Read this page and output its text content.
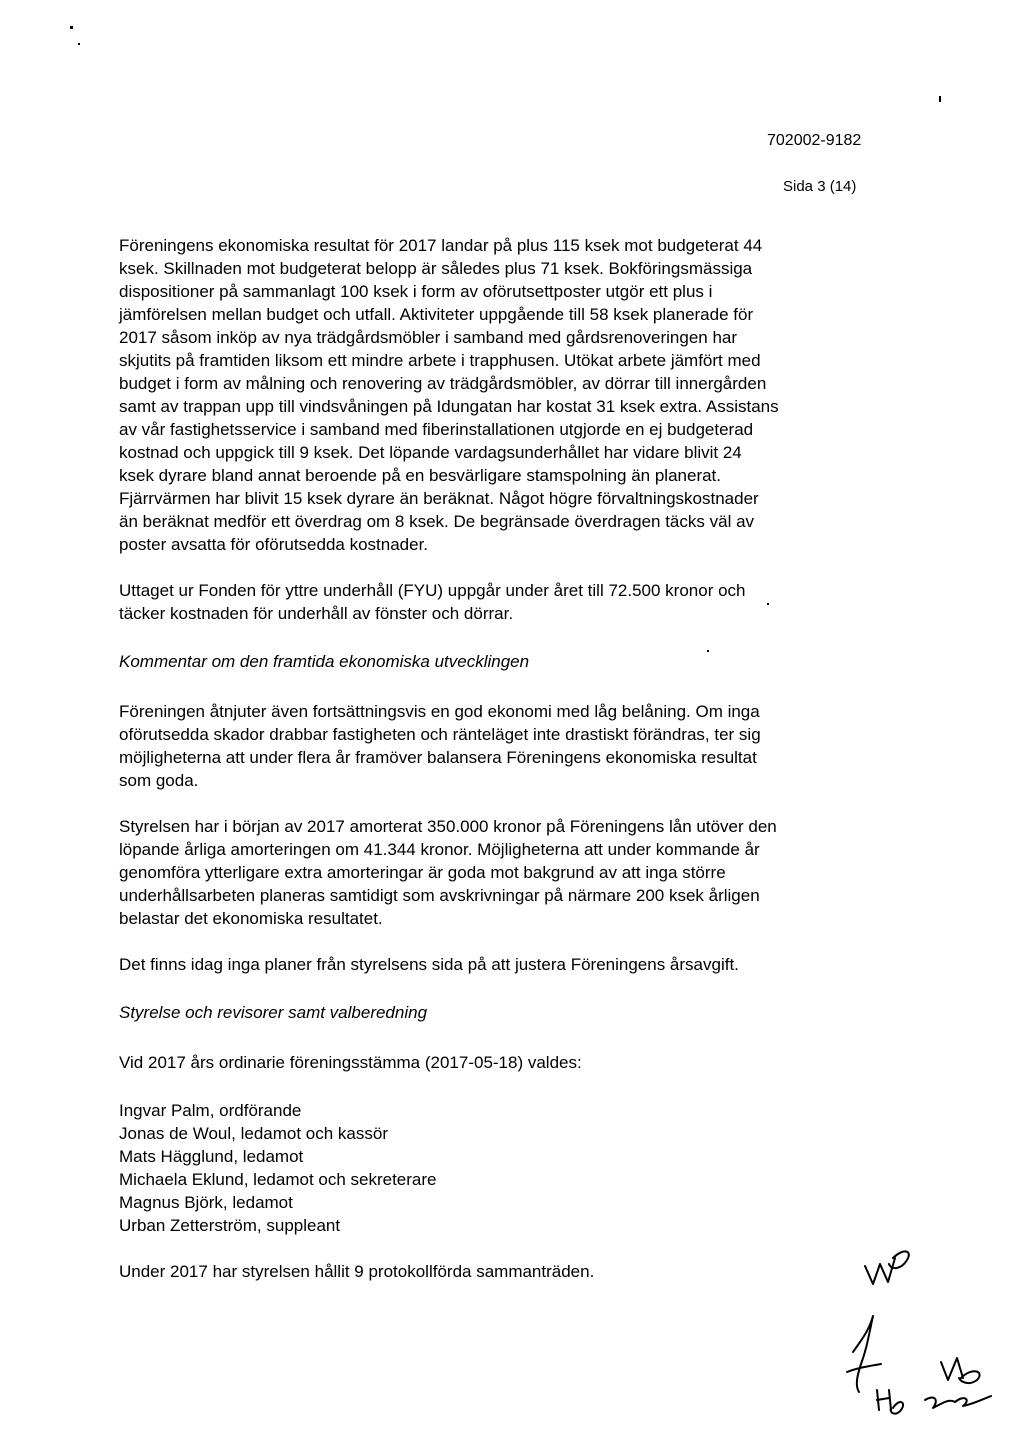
702002-9182
Sida 3 (14)

Föreningens ekonomiska resultat för 2017 landar på plus 115 ksek mot budgeterat 44
ksek. Skillnaden mot budgeterat belopp är således plus 71 ksek. Bokföringsmässiga
dispositioner på sammanlagt 100 ksek i form av oförutsettposter utgör ett plus i
jämförelsen mellan budget och utfall. Aktiviteter uppgående till 58 ksek planerade för
2017 såsom inköp av nya trädgårdsmöbler i samband med gårdsrenoveringen har
skjutits på framtiden liksom ett mindre arbete i trapphusen. Utökat arbete jämfört med
budget i form av målning och renovering av trädgårdsmöbler, av dörrar till innergården
samt av trappan upp till vindsvåningen på Idungatan har kostat 31 ksek extra. Assistans
av vår fastighetsservice i samband med fiberinstallationen utgjorde en ej budgeterad
kostnad och uppgick till 9 ksek. Det löpande vardagsunderhållet har vidare blivit 24
ksek dyrare bland annat beroende på en besvärligare stamspolning än planerat.
Fjärrvärmen har blivit 15 ksek dyrare än beräknat. Något högre förvaltningskostnader
än beräknat medför ett överdrag om 8 ksek. De begränsade överdragen täcks väl av
poster avsatta för oförutsedda kostnader.

Uttaget ur Fonden för yttre underhåll (FYU) uppgår under året till 72.500 kronor och
täcker kostnaden för underhåll av fönster och dörrar.

Kommentar om den framtida ekonomiska utvecklingen

Föreningen åtnjuter även fortsättningsvis en god ekonomi med låg belåning. Om inga
oförutsedda skador drabbar fastigheten och ränteläget inte drastiskt förändras, ter sig
möjligheterna att under flera år framöver balansera Föreningens ekonomiska resultat
som goda.

Styrelsen har i början av 2017 amorterat 350.000 kronor på Föreningens lån utöver den
löpande årliga amorteringen om 41.344 kronor. Möjligheterna att under kommande år
genomföra ytterligare extra amorteringar är goda mot bakgrund av att inga större
underhållsarbeten planeras samtidigt som avskrivningar på närmare 200 ksek årligen
belastar det ekonomiska resultatet.

Det finns idag inga planer från styrelsens sida på att justera Föreningens årsavgift.

Styrelse och revisorer samt valberedning

Vid 2017 års ordinarie föreningsstämma (2017-05-18) valdes:

Ingvar Palm, ordförande
Jonas de Woul, ledamot och kassör
Mats Hägglund, ledamot
Michaela Eklund, ledamot och sekreterare
Magnus Björk, ledamot
Urban Zetterström, suppleant

Under 2017 har styrelsen hållit 9 protokollförda sammanträden.
